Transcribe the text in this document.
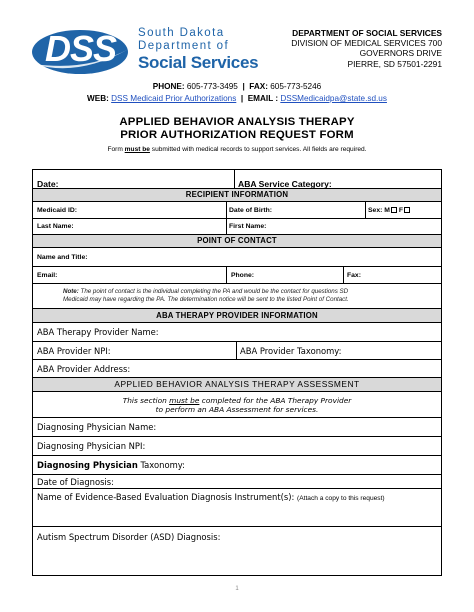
DSS South Dakota
Department of
Social Services
DEPARTMENT OF SOCIAL SERVICES
DIVISION OF MEDICAL SERVICES 700
GOVERNORS DRIVE
PIERRE, SD 57501-2291
PHONE: 605-773-3495 | FAX: 605-773-5246
WEB: DSS Medicaid Prior Authorizations | EMAIL : DSSMedicaidpa@state.sd.us
APPLIED BEHAVIOR ANALYSIS THERAPY
PRIOR AUTHORIZATION REQUEST FORM
Form must be submitted with medical records to support services. All fields are required.
Date:	ABA Service Category:
RECIPIENT INFORMATION
Medicaid ID:	Date of Birth:	Sex: M F
Last Name:	First Name:
POINT OF CONTACT
Name and Title:
Email:	Phone:	Fax:
Note: The point of contact is the individual completing the PA and would be the contact for questions SD
Medicaid may have regarding the PA. The determination notice will be sent to the listed Point of Contact.
ABA THERAPY PROVIDER INFORMATION
ABA Therapy Provider Name:
ABA Provider NPI:	ABA Provider Taxonomy:
ABA Provider Address:
APPLIED BEHAVIOR ANALYSIS THERAPY ASSESSMENT
This section must be completed for the ABA Therapy Provider
to perform an ABA Assessment for services.
Diagnosing Physician Name:
Diagnosing Physician NPI:
Diagnosing Physician Taxonomy:
Date of Diagnosis:
Name of Evidence-Based Evaluation Diagnosis Instrument(s): (Attach a copy to this request)
Autism Spectrum Disorder (ASD) Diagnosis:
1
